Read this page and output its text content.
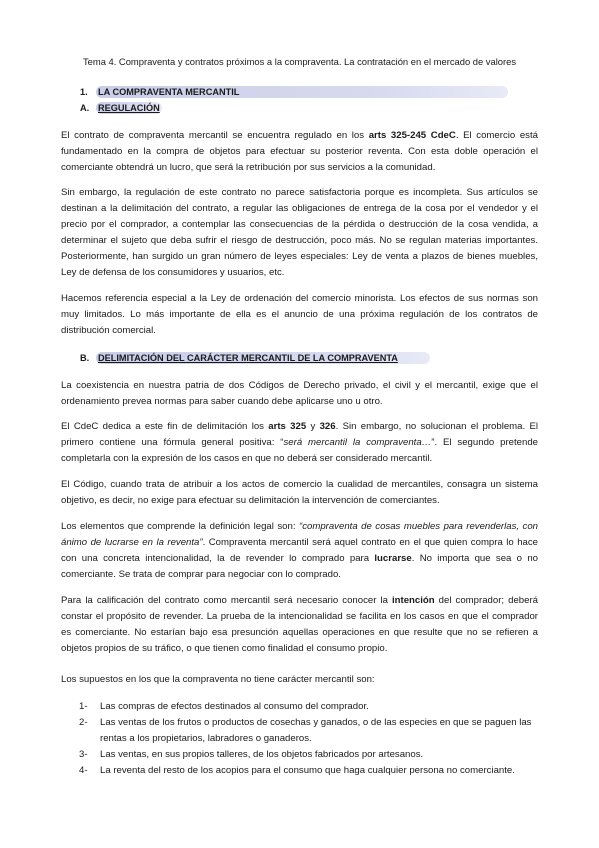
Tema 4. Compraventa y contratos próximos a la compraventa. La contratación en el mercado de valores
1. LA COMPRAVENTA MERCANTIL
A. REGULACIÓN

El contrato de compraventa mercantil se encuentra regulado en los arts 325-245 CdeC. El comercio está fundamentado en la compra de objetos para efectuar su posterior reventa. Con esta doble operación el comerciante obtendrá un lucro, que será la retribución por sus servicios a la comunidad.

Sin embargo, la regulación de este contrato no parece satisfactoria porque es incompleta. Sus artículos se destinan a la delimitación del contrato, a regular las obligaciones de entrega de la cosa por el vendedor y el precio por el comprador, a contemplar las consecuencias de la pérdida o destrucción de la cosa vendida, a determinar el sujeto que deba sufrir el riesgo de destrucción, poco más. No se regulan materias importantes. Posteriormente, han surgido un gran número de leyes especiales: Ley de venta a plazos de bienes muebles, Ley de defensa de los consumidores y usuarios, etc.

Hacemos referencia especial a la Ley de ordenación del comercio minorista. Los efectos de sus normas son muy limitados. Lo más importante de ella es el anuncio de una próxima regulación de los contratos de distribución comercial.

B. DELIMITACIÓN DEL CARÁCTER MERCANTIL DE LA COMPRAVENTA

La coexistencia en nuestra patria de dos Códigos de Derecho privado, el civil y el mercantil, exige que el ordenamiento prevea normas para saber cuando debe aplicarse uno u otro.

El CdeC dedica a este fin de delimitación los arts 325 y 326. Sin embargo, no solucionan el problema. El primero contiene una fórmula general positiva: “será mercantil la compraventa…”. El segundo pretende completarla con la expresión de los casos en que no deberá ser considerado mercantil.

El Código, cuando trata de atribuir a los actos de comercio la cualidad de mercantiles, consagra un sistema objetivo, es decir, no exige para efectuar su delimitación la intervención de comerciantes.

Los elementos que comprende la definición legal son: “compraventa de cosas muebles para revenderlas, con ánimo de lucrarse en la reventa”. Compraventa mercantil será aquel contrato en el que quien compra lo hace con una concreta intencionalidad, la de revender lo comprado para lucrarse. No importa que sea o no comerciante. Se trata de comprar para negociar con lo comprado.

Para la calificación del contrato como mercantil será necesario conocer la intención del comprador; deberá constar el propósito de revender. La prueba de la intencionalidad se facilita en los casos en que el comprador es comerciante. No estarían bajo esa presunción aquellas operaciones en que resulte que no se refieren a objetos propios de su tráfico, o que tienen como finalidad el consumo propio.

Los supuestos en los que la compraventa no tiene carácter mercantil son:

1- Las compras de efectos destinados al consumo del comprador.
2- Las ventas de los frutos o productos de cosechas y ganados, o de las especies en que se paguen las rentas a los propietarios, labradores o ganaderos.
3- Las ventas, en sus propios talleres, de los objetos fabricados por artesanos.
4- La reventa del resto de los acopios para el consumo que haga cualquier persona no comerciante.
